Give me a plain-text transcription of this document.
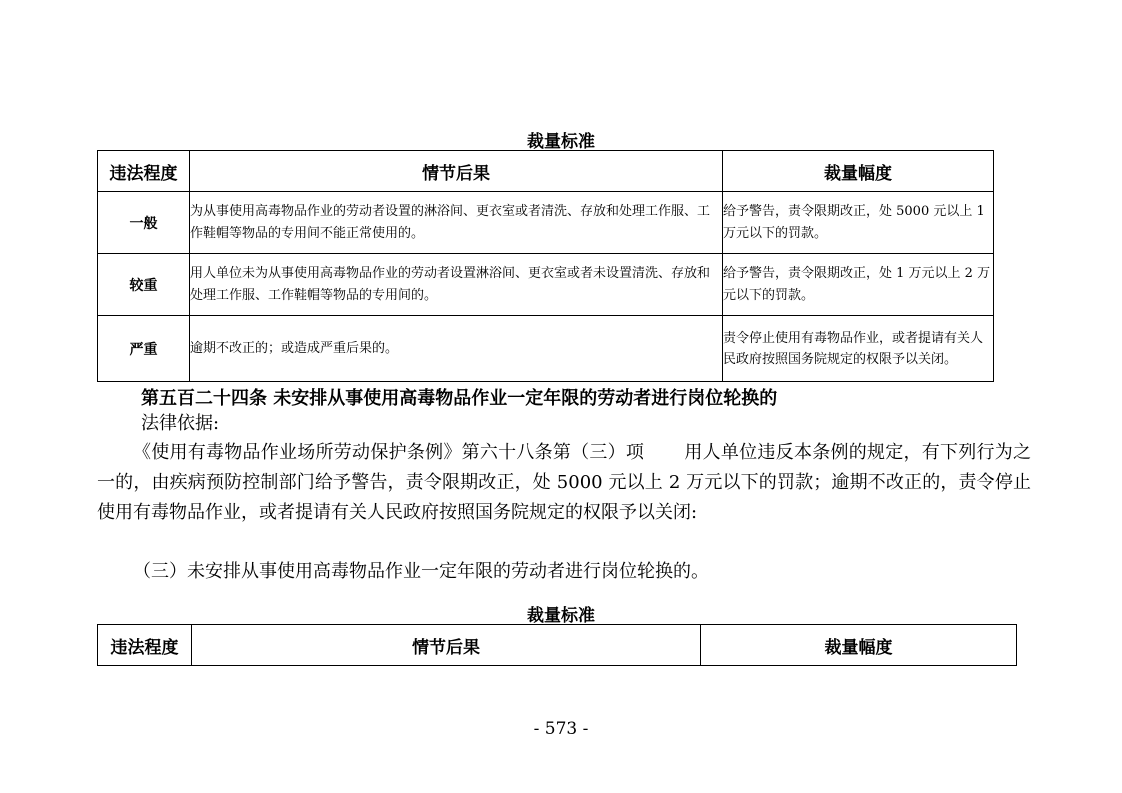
裁量标准
违法程度	情节后果	裁量幅度
一般	为从事使用高毒物品作业的劳动者设置的淋浴间、更衣室或者清洗、存放和处理工作服、工作鞋帽等物品的专用间不能正常使用的。	给予警告，责令限期改正，处 5000 元以上 1 万元以下的罚款。
较重	用人单位未为从事使用高毒物品作业的劳动者设置淋浴间、更衣室或者未设置清洗、存放和处理工作服、工作鞋帽等物品的专用间的。	给予警告，责令限期改正，处 1 万元以上 2 万元以下的罚款。
严重	逾期不改正的；或造成严重后果的。	责令停止使用有毒物品作业，或者提请有关人民政府按照国务院规定的权限予以关闭。
第五百二十四条 未安排从事使用高毒物品作业一定年限的劳动者进行岗位轮换的
法律依据:
《使用有毒物品作业场所劳动保护条例》第六十八条第（三）项 用人单位违反本条例的规定，有下列行为之一的，由疾病预防控制部门给予警告，责令限期改正，处 5000 元以上 2 万元以下的罚款；逾期不改正的，责令停止使用有毒物品作业，或者提请有关人民政府按照国务院规定的权限予以关闭:
（三）未安排从事使用高毒物品作业一定年限的劳动者进行岗位轮换的。
裁量标准
违法程度	情节后果	裁量幅度
- 573 -
